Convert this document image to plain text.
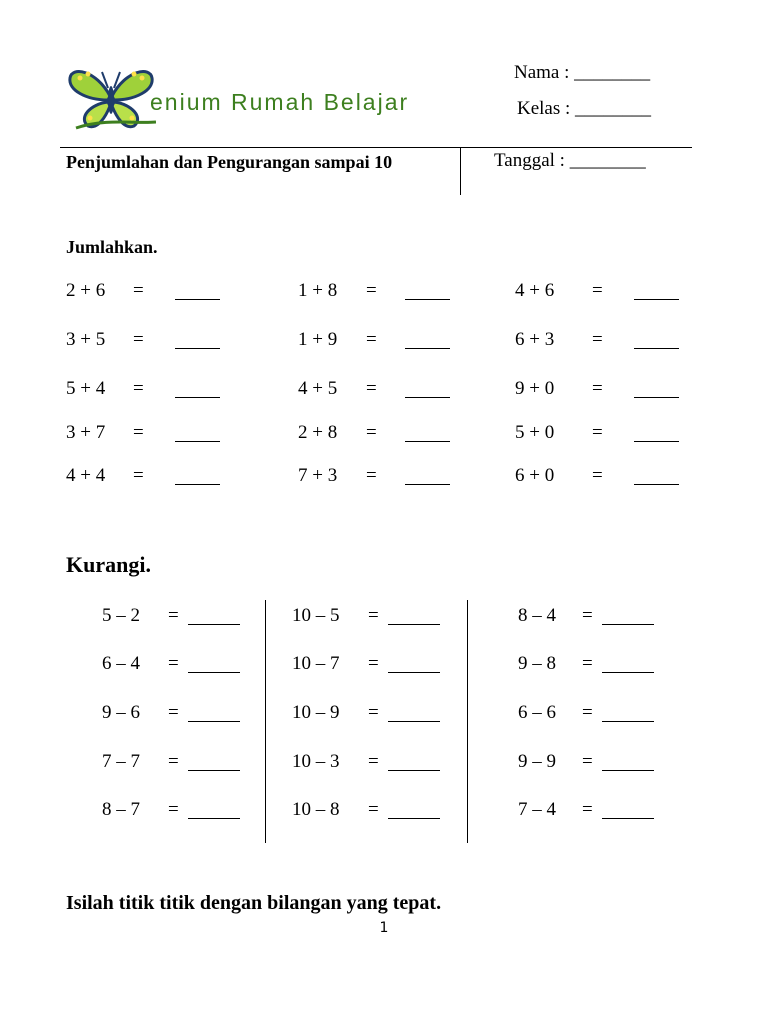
enium Rumah Belajar
Nama : ________
Kelas : ________
Penjumlahan dan Pengurangan sampai 10	Tanggal : ________
Jumlahkan.
2 + 6 =
3 + 5 =
5 + 4 =
3 + 7 =
4 + 4 =
1 + 8 =
1 + 9 =
4 + 5 =
2 + 8 =
7 + 3 =
4 + 6 =
6 + 3 =
9 + 0 =
5 + 0 =
6 + 0 =
Kurangi.
5 – 2 =
6 – 4 =
9 – 6 =
7 – 7 =
8 – 7 =
10 – 5 =
10 – 7 =
10 – 9 =
10 – 3 =
10 – 8 =
8 – 4 =
9 – 8 =
6 – 6 =
9 – 9 =
7 – 4 =
Isilah titik titik dengan bilangan yang tepat.
1
